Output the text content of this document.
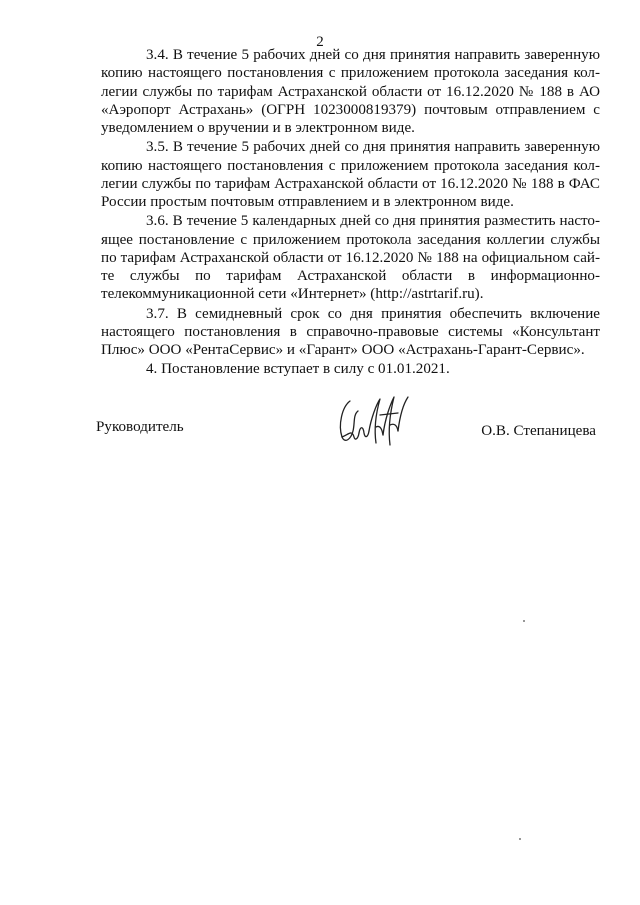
2

3.4. В течение 5 рабочих дней со дня принятия направить заверенную
копию настоящего постановления с приложением протокола заседания кол-
легии службы по тарифам Астраханской области от 16.12.2020 № 188 в АО
«Аэропорт Астрахань» (ОГРН 1023000819379) почтовым отправлением с
уведомлением о вручении и в электронном виде.

3.5. В течение 5 рабочих дней со дня принятия направить заверенную
копию настоящего постановления с приложением протокола заседания кол-
легии службы по тарифам Астраханской области от 16.12.2020 № 188 в ФАС
России простым почтовым отправлением и в электронном виде.

3.6. В течение 5 календарных дней со дня принятия разместить насто-
ящее постановление с приложением протокола заседания коллегии службы
по тарифам Астраханской области от 16.12.2020 № 188 на официальном сай-
те службы по тарифам Астраханской области в информационно-
телекоммуникационной сети «Интернет» (http://astrtarif.ru).

3.7. В семидневный срок со дня принятия обеспечить включение
настоящего постановления в справочно-правовые системы «Консультант
Плюс» ООО «РентаСервис» и «Гарант» ООО «Астрахань-Гарант-Сервис».

4. Постановление вступает в силу с 01.01.2021.

Руководитель	О.В. Степаницева
